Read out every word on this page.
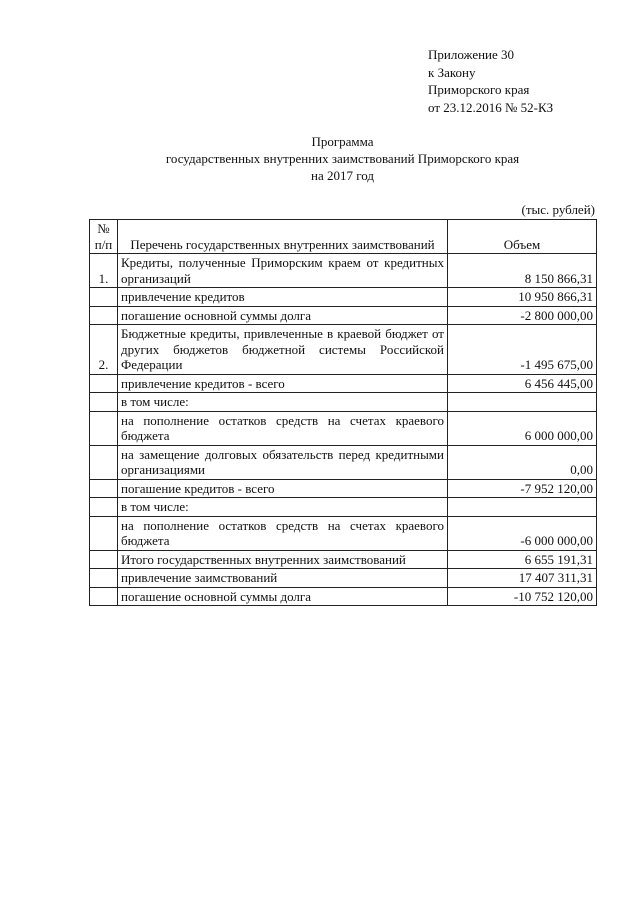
Приложение 30
к Закону
Приморского края
от 23.12.2016 № 52-КЗ
Программа
государственных внутренних заимствований Приморского края
на 2017 год
(тыс. рублей)
№ п/п	Перечень государственных внутренних заимствований	Объем
1.	Кредиты, полученные Приморским краем от кредитных организаций	8 150 866,31
	привлечение кредитов	10 950 866,31
	погашение основной суммы долга	-2 800 000,00
2.	Бюджетные кредиты, привлеченные в краевой бюджет от других бюджетов бюджетной системы Российской Федерации	-1 495 675,00
	привлечение кредитов - всего	6 456 445,00
	в том числе:	
	на пополнение остатков средств на счетах краевого бюджета	6 000 000,00
	на замещение долговых обязательств перед кредитными организациями	0,00
	погашение кредитов - всего	-7 952 120,00
	в том числе:	
	на пополнение остатков средств на счетах краевого бюджета	-6 000 000,00
	Итого государственных внутренних заимствований	6 655 191,31
	привлечение заимствований	17 407 311,31
	погашение основной суммы долга	-10 752 120,00
